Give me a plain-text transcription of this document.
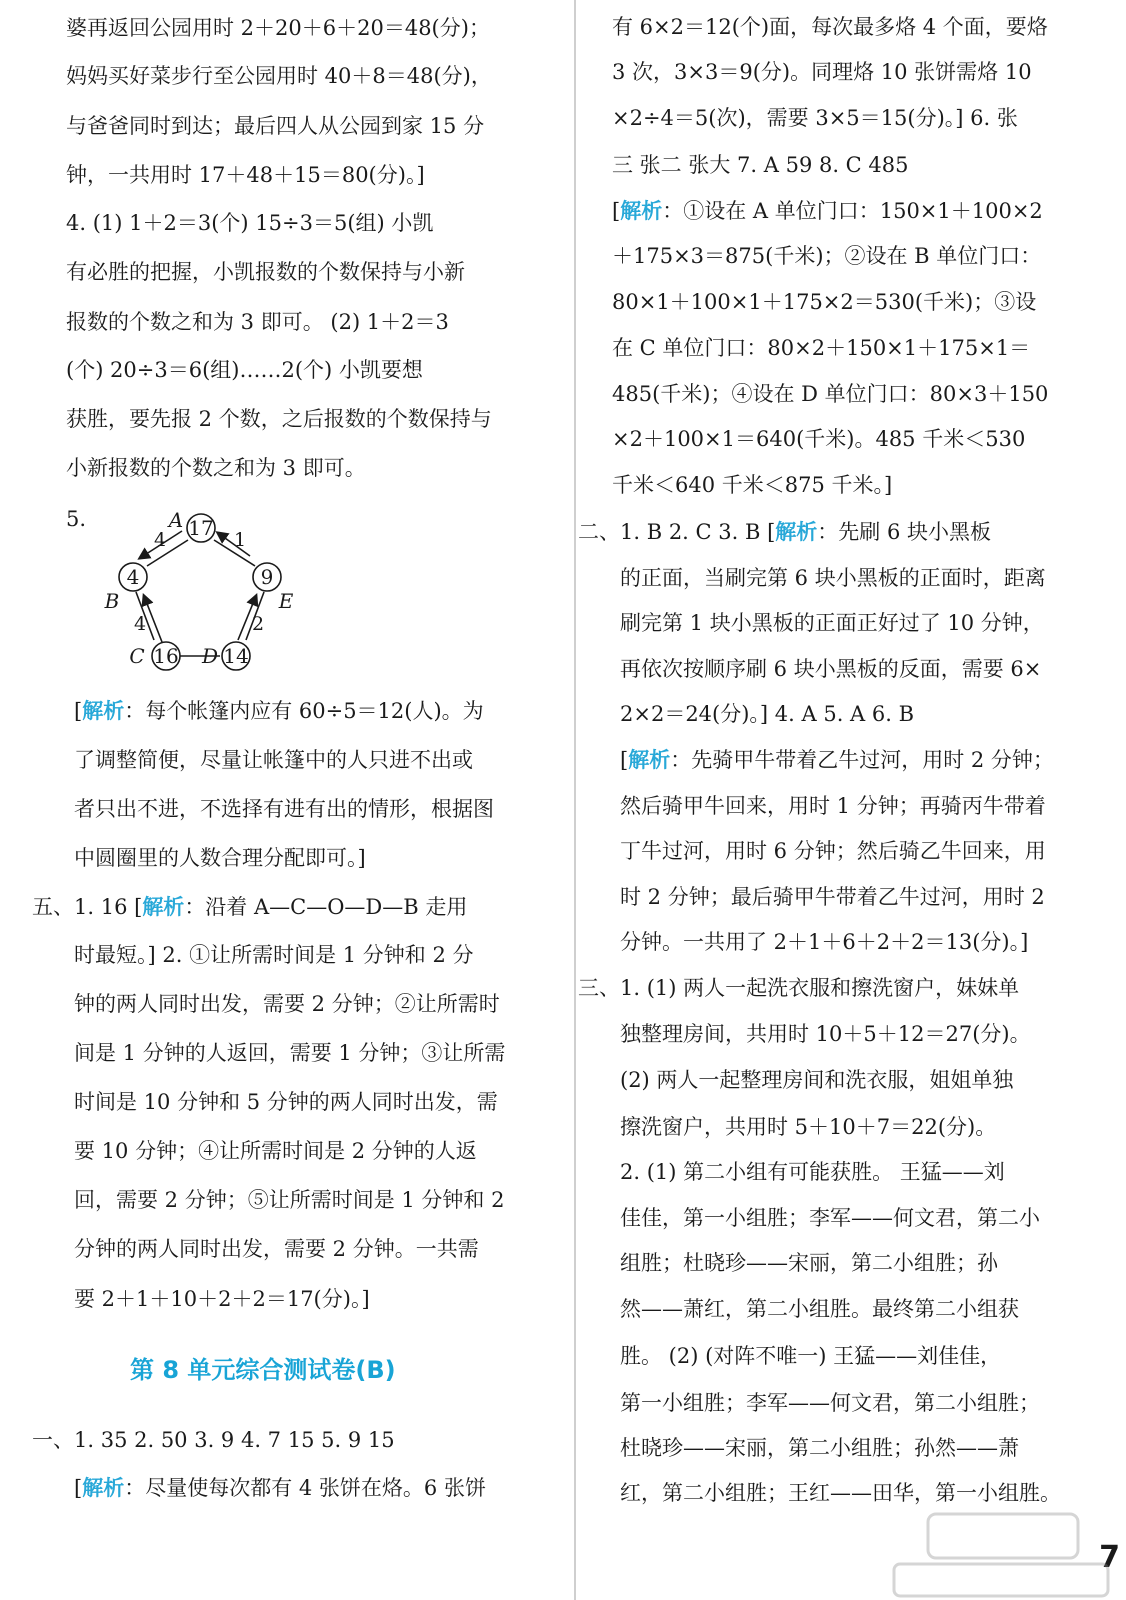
婆再返回公园用时 2＋20＋6＋20＝48(分)；
妈妈买好菜步行至公园用时 40＋8＝48(分)，
与爸爸同时到达；最后四人从公园到家 15 分
钟，一共用时 17＋48＋15＝80(分)。]
4. (1) 1＋2＝3(个) 15÷3＝5(组) 小凯
有必胜的把握，小凯报数的个数保持与小新
报数的个数之和为 3 即可。 (2) 1＋2＝3
(个) 20÷3＝6(组)……2(个) 小凯要想
获胜，要先报 2 个数，之后报数的个数保持与
小新报数的个数之和为 3 即可。
5.
[解析：每个帐篷内应有 60÷5＝12(人)。为
了调整简便，尽量让帐篷中的人只进不出或
者只出不进，不选择有进有出的情形，根据图
中圆圈里的人数合理分配即可。]
五、1. 16 [解析：沿着 A—C—O—D—B 走用
时最短。] 2. ①让所需时间是 1 分钟和 2 分
钟的两人同时出发，需要 2 分钟；②让所需时
间是 1 分钟的人返回，需要 1 分钟；③让所需
时间是 10 分钟和 5 分钟的两人同时出发，需
要 10 分钟；④让所需时间是 2 分钟的人返
回，需要 2 分钟；⑤让所需时间是 1 分钟和 2
分钟的两人同时出发，需要 2 分钟。一共需
要 2＋1＋10＋2＋2＝17(分)。]
第 8 单元综合测试卷(B)
一、1. 35 2. 50 3. 9 4. 7 15 5. 9 15
[解析：尽量使每次都有 4 张饼在烙。6 张饼
17
4	9
16 14
A
B	E
C	D
4	1
4	2
有 6×2＝12(个)面，每次最多烙 4 个面，要烙
3 次，3×3＝9(分)。同理烙 10 张饼需烙 10
×2÷4＝5(次)，需要 3×5＝15(分)。] 6. 张
三 张二 张大 7. A 59 8. C 485
[解析：①设在 A 单位门口：150×1＋100×2
＋175×3＝875(千米)；②设在 B 单位门口：
80×1＋100×1＋175×2＝530(千米)；③设
在 C 单位门口：80×2＋150×1＋175×1＝
485(千米)；④设在 D 单位门口：80×3＋150
×2＋100×1＝640(千米)。485 千米＜530
千米＜640 千米＜875 千米。]
二、1. B 2. C 3. B [解析：先刷 6 块小黑板
的正面，当刷完第 6 块小黑板的正面时，距离
刷完第 1 块小黑板的正面正好过了 10 分钟，
再依次按顺序刷 6 块小黑板的反面，需要 6×
2×2＝24(分)。] 4. A 5. A 6. B
[解析：先骑甲牛带着乙牛过河，用时 2 分钟；
然后骑甲牛回来，用时 1 分钟；再骑丙牛带着
丁牛过河，用时 6 分钟；然后骑乙牛回来，用
时 2 分钟；最后骑甲牛带着乙牛过河，用时 2
分钟。一共用了 2＋1＋6＋2＋2＝13(分)。]
三、1. (1) 两人一起洗衣服和擦洗窗户，妹妹单
独整理房间，共用时 10＋5＋12＝27(分)。
(2) 两人一起整理房间和洗衣服，姐姐单独
擦洗窗户，共用时 5＋10＋7＝22(分)。
2. (1) 第二小组有可能获胜。 王猛——刘
佳佳，第一小组胜；李军——何文君，第二小
组胜；杜晓珍——宋丽，第二小组胜；孙
然——萧红，第二小组胜。最终第二小组获
胜。 (2) (对阵不唯一) 王猛——刘佳佳，
第一小组胜；李军——何文君，第二小组胜；
杜晓珍——宋丽，第二小组胜；孙然——萧
红，第二小组胜；王红——田华，第一小组胜。
7
